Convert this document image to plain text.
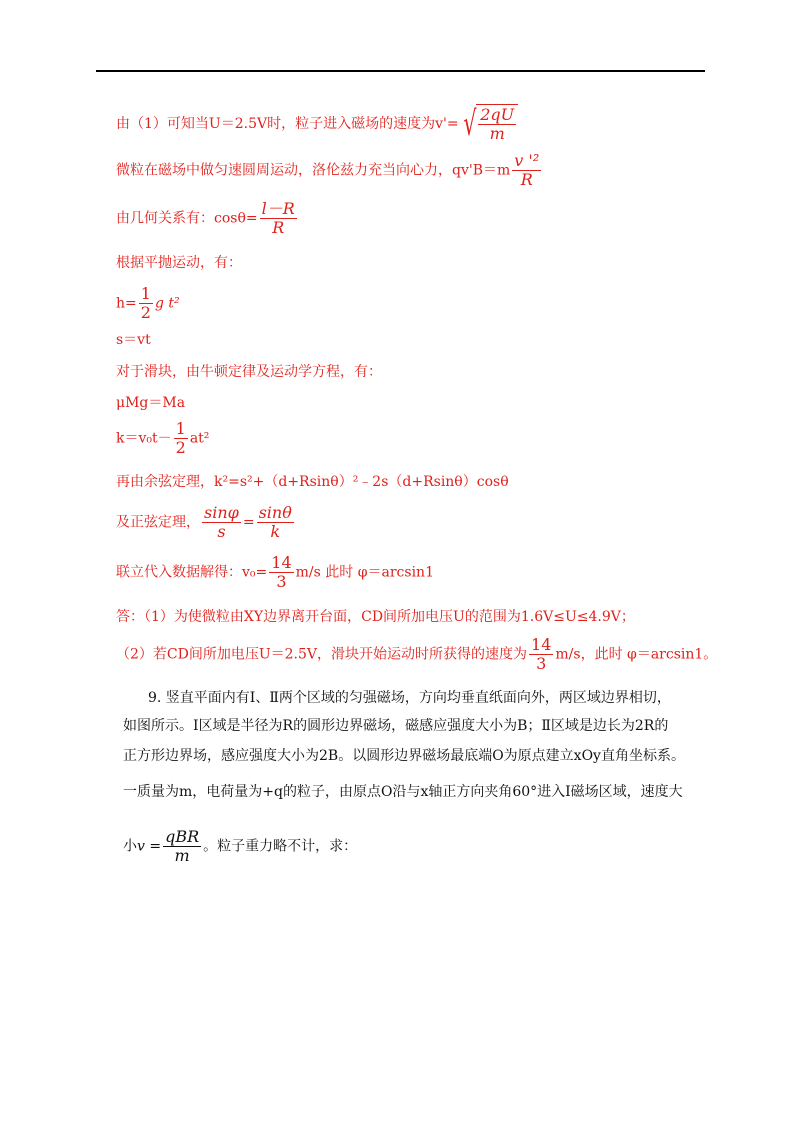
由（1）可知当U＝2.5V时，粒子进入磁场的速度为v'= √ $\frac{2qU}{m}$
微粒在磁场中做匀速圆周运动，洛伦兹力充当向心力，$qv'B=m \frac{\text{v '²}}{R}$
由几何关系有：$\cos\theta= \frac{l-R}{R}$
根据平抛运动，有：
$h= \frac{1}{2}$ g t²
s＝vt
对于滑块，由牛顿定律及运动学方程，有：
μMg＝Ma
$k=v_0t- \frac{1}{2} at^2$
再由余弦定理，k²=s²+（d+Rsinθ）²﹣2s（d+Rsinθ）cosθ
及正弦定理， $\frac{\sin\varphi}{s} = \frac{\sin\theta}{k}$
联立代入数据解得：$v_0= \frac{14}{3} m/s$ 此时 φ＝arcsin1
答：（1）为使微粒由XY边界离开台面，CD间所加电压U的范围为1.6V≤U≤4.9V；
（2）若CD间所加电压U＝2.5V，滑块开始运动时所获得的速度为 $\frac{14}{3} m/s$，此时 φ＝arcsin1。
9. 竖直平面内有Ⅰ、Ⅱ两个区域的匀强磁场，方向均垂直纸面向外，两区域边界相切，
如图所示。Ⅰ区域是半径为R的圆形边界磁场，磁感应强度大小为B；Ⅱ区域是边长为2R的
正方形边界场，感应强度大小为2B。以圆形边界磁场最底端O为原点建立xOy直角坐标系。
一质量为m，电荷量为+q的粒子，由原点O沿与x轴正方向夹角60°进入Ⅰ磁场区域，速度大
小$v = \frac{\text{qBR}}{m}$ 。粒子重力略不计，求：
